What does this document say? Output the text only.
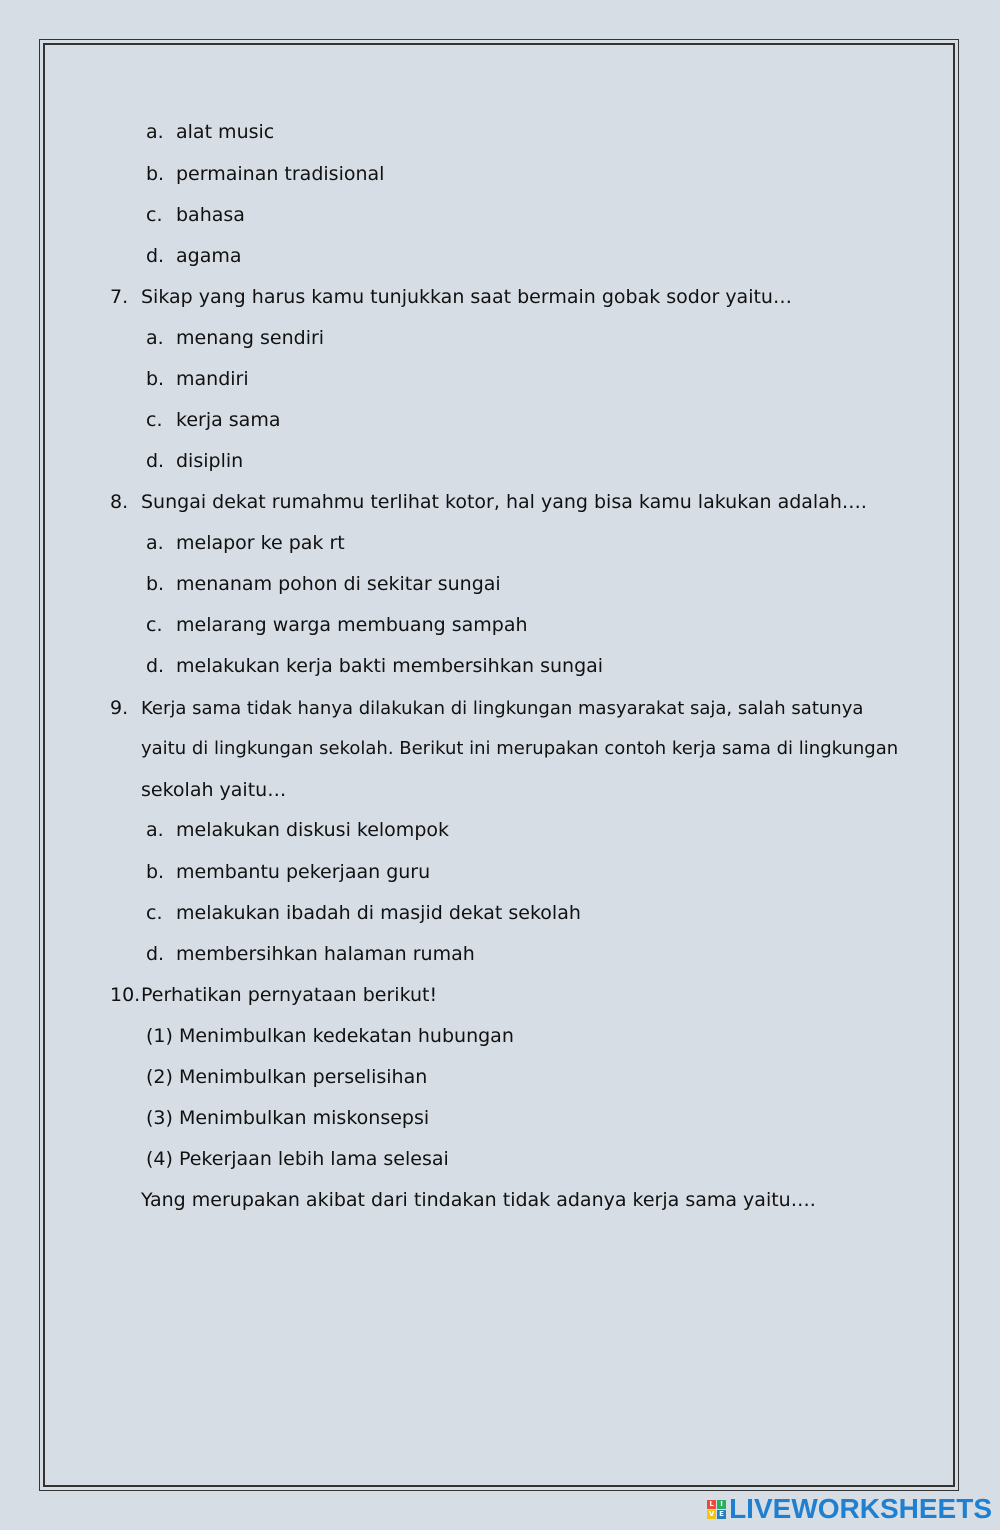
a. alat music
b. permainan tradisional
c. bahasa
d. agama
7. Sikap yang harus kamu tunjukkan saat bermain gobak sodor yaitu…
a. menang sendiri
b. mandiri
c. kerja sama
d. disiplin
8. Sungai dekat rumahmu terlihat kotor, hal yang bisa kamu lakukan adalah….
a. melapor ke pak rt
b. menanam pohon di sekitar sungai
c. melarang warga membuang sampah
d. melakukan kerja bakti membersihkan sungai
9. Kerja sama tidak hanya dilakukan di lingkungan masyarakat saja, salah satunya
yaitu di lingkungan sekolah. Berikut ini merupakan contoh kerja sama di lingkungan
sekolah yaitu…
a. melakukan diskusi kelompok
b. membantu pekerjaan guru
c. melakukan ibadah di masjid dekat sekolah
d. membersihkan halaman rumah
10.Perhatikan pernyataan berikut!
(1) Menimbulkan kedekatan hubungan
(2) Menimbulkan perselisihan
(3) Menimbulkan miskonsepsi
(4) Pekerjaan lebih lama selesai
Yang merupakan akibat dari tindakan tidak adanya kerja sama yaitu….
L I
V E LIVEWORKSHEETS
